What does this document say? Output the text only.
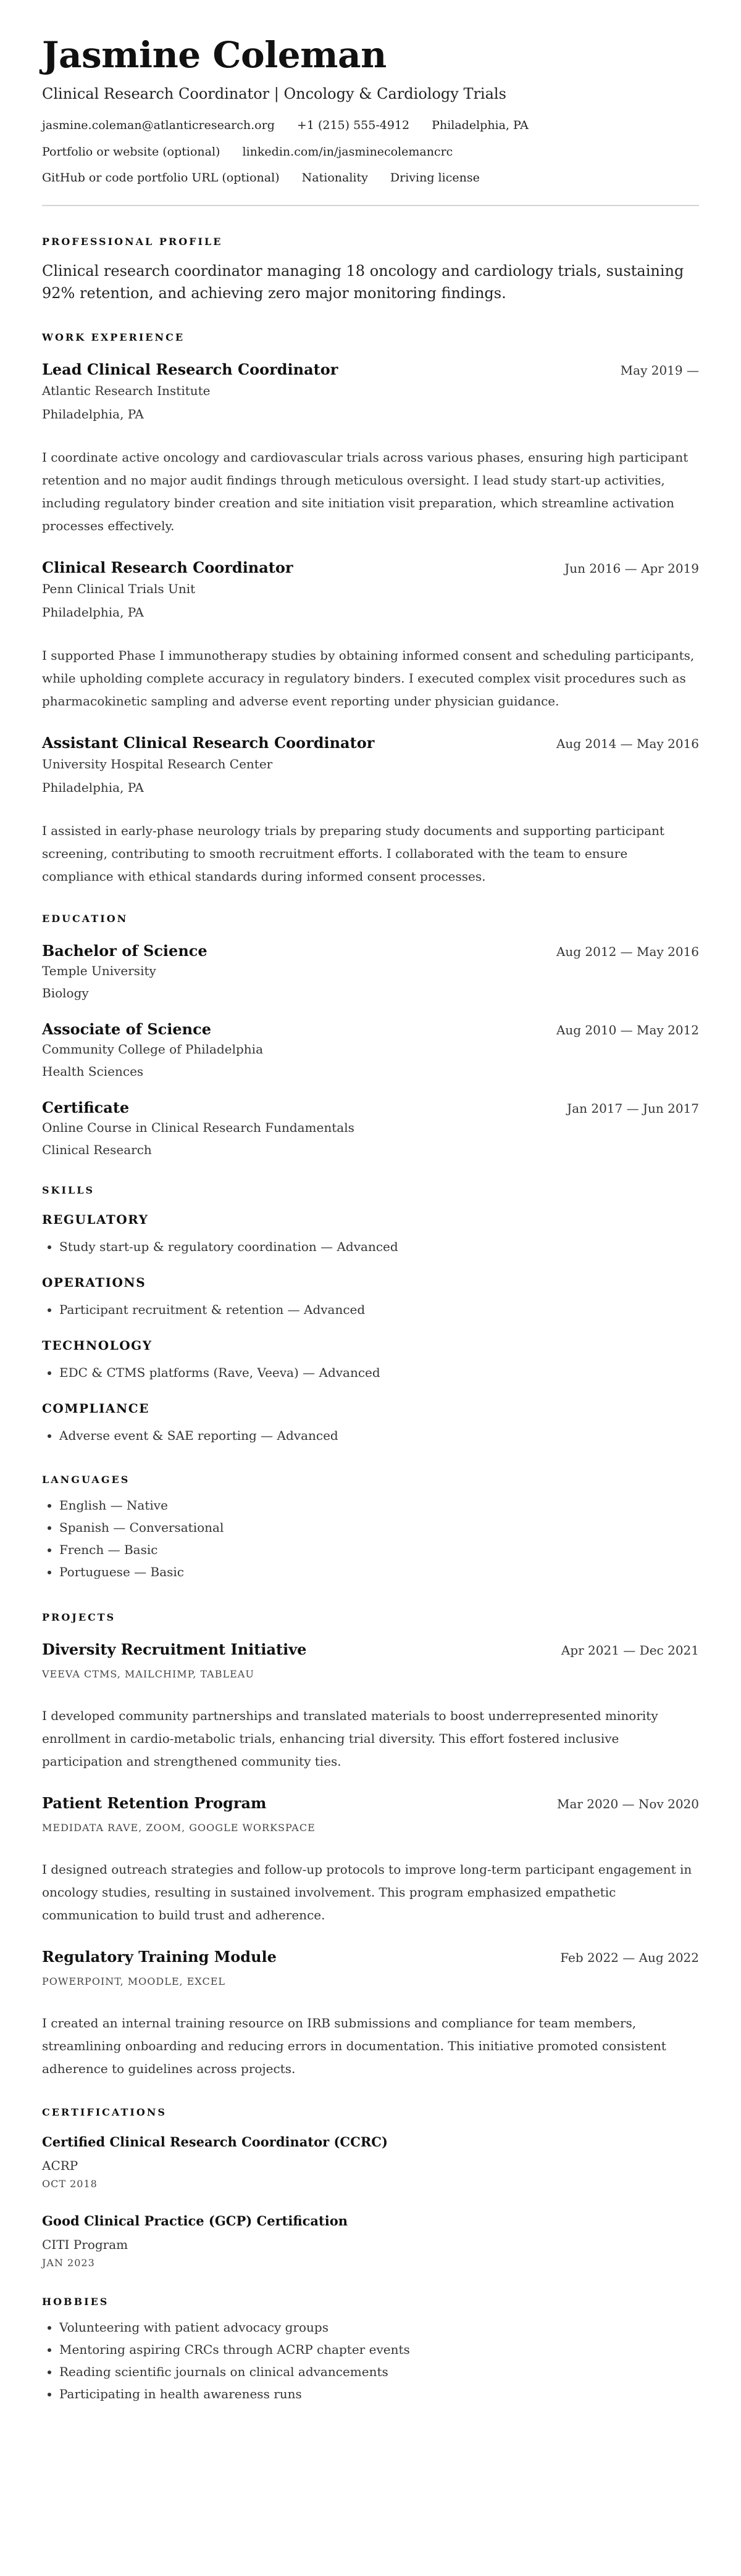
Jasmine Coleman
Clinical Research Coordinator | Oncology & Cardiology Trials
jasmine.coleman@atlanticresearch.org +1 (215) 555-4912 Philadelphia, PA
Portfolio or website (optional) linkedin.com/in/jasminecolemancrc
GitHub or code portfolio URL (optional) Nationality Driving license
PROFESSIONAL PROFILE
Clinical research coordinator managing 18 oncology and cardiology trials, sustaining 92% retention, and achieving zero major monitoring findings.
WORK EXPERIENCE
Lead Clinical Research Coordinator	May 2019 —
Atlantic Research Institute
Philadelphia, PA
I coordinate active oncology and cardiovascular trials across various phases, ensuring high participant retention and no major audit findings through meticulous oversight. I lead study start-up activities, including regulatory binder creation and site initiation visit preparation, which streamline activation processes effectively.
Clinical Research Coordinator	Jun 2016 — Apr 2019
Penn Clinical Trials Unit
Philadelphia, PA
I supported Phase I immunotherapy studies by obtaining informed consent and scheduling participants, while upholding complete accuracy in regulatory binders. I executed complex visit procedures such as pharmacokinetic sampling and adverse event reporting under physician guidance.
Assistant Clinical Research Coordinator	Aug 2014 — May 2016
University Hospital Research Center
Philadelphia, PA
I assisted in early-phase neurology trials by preparing study documents and supporting participant screening, contributing to smooth recruitment efforts. I collaborated with the team to ensure compliance with ethical standards during informed consent processes.
EDUCATION
Bachelor of Science	Aug 2012 — May 2016
Temple University
Biology
Associate of Science	Aug 2010 — May 2012
Community College of Philadelphia
Health Sciences
Certificate	Jan 2017 — Jun 2017
Online Course in Clinical Research Fundamentals
Clinical Research
SKILLS
REGULATORY
• Study start-up & regulatory coordination — Advanced
OPERATIONS
• Participant recruitment & retention — Advanced
TECHNOLOGY
• EDC & CTMS platforms (Rave, Veeva) — Advanced
COMPLIANCE
• Adverse event & SAE reporting — Advanced
LANGUAGES
• English — Native
• Spanish — Conversational
• French — Basic
• Portuguese — Basic
PROJECTS
Diversity Recruitment Initiative	Apr 2021 — Dec 2021
VEEVA CTMS, MAILCHIMP, TABLEAU
I developed community partnerships and translated materials to boost underrepresented minority enrollment in cardio-metabolic trials, enhancing trial diversity. This effort fostered inclusive participation and strengthened community ties.
Patient Retention Program	Mar 2020 — Nov 2020
MEDIDATA RAVE, ZOOM, GOOGLE WORKSPACE
I designed outreach strategies and follow-up protocols to improve long-term participant engagement in oncology studies, resulting in sustained involvement. This program emphasized empathetic communication to build trust and adherence.
Regulatory Training Module	Feb 2022 — Aug 2022
POWERPOINT, MOODLE, EXCEL
I created an internal training resource on IRB submissions and compliance for team members, streamlining onboarding and reducing errors in documentation. This initiative promoted consistent adherence to guidelines across projects.
CERTIFICATIONS
Certified Clinical Research Coordinator (CCRC)
ACRP
OCT 2018
Good Clinical Practice (GCP) Certification
CITI Program
JAN 2023
HOBBIES
• Volunteering with patient advocacy groups
• Mentoring aspiring CRCs through ACRP chapter events
• Reading scientific journals on clinical advancements
• Participating in health awareness runs
